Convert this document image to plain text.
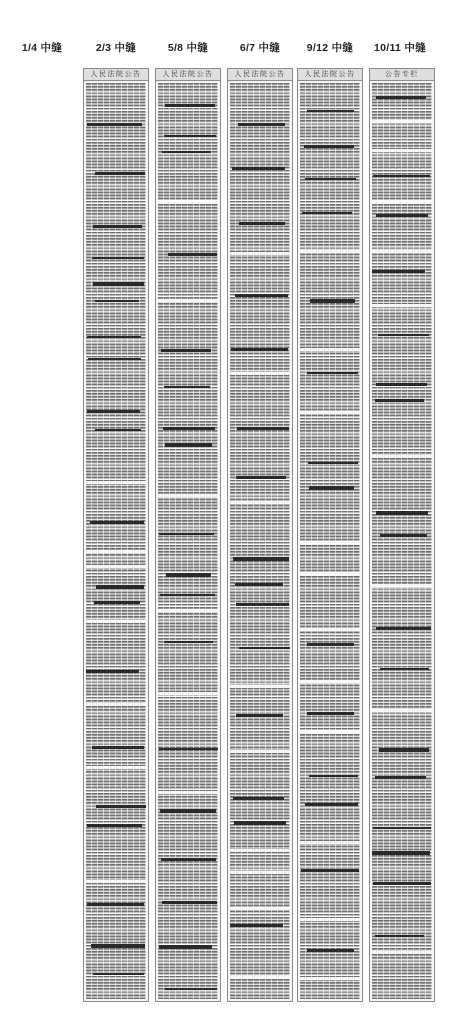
1/4 中缝	2/3 中缝	5/8 中缝	6/7 中缝	9/12 中缝	10/11 中缝
人民法院公告	人民法院公告	人民法院公告	人民法院公告	公告专栏
